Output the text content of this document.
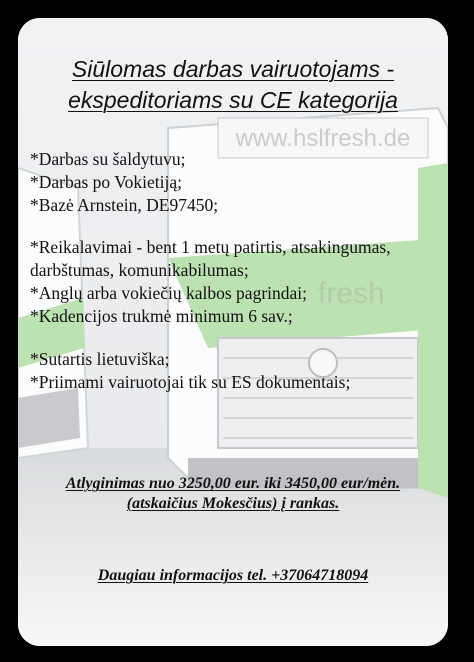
Siūlomas darbas vairuotojams -
ekspeditoriams su CE kategorija
*Darbas su šaldytuvu;
*Darbas po Vokietiją;
*Bazė Arnstein, DE97450;
*Reikalavimai - bent 1 metų patirtis, atsakingumas,
darbštumas, komunikabilumas;
*Anglų arba vokiečių kalbos pagrindai;
*Kadencijos trukmė minimum 6 sav.;
*Sutartis lietuviška;
*Priimami vairuotojai tik su ES dokumentais;
Atlyginimas nuo 3250,00 eur. iki 3450,00 eur/mėn.
(atskaičius Mokesčius) į rankas.
Daugiau informacijos tel. +37064718094
